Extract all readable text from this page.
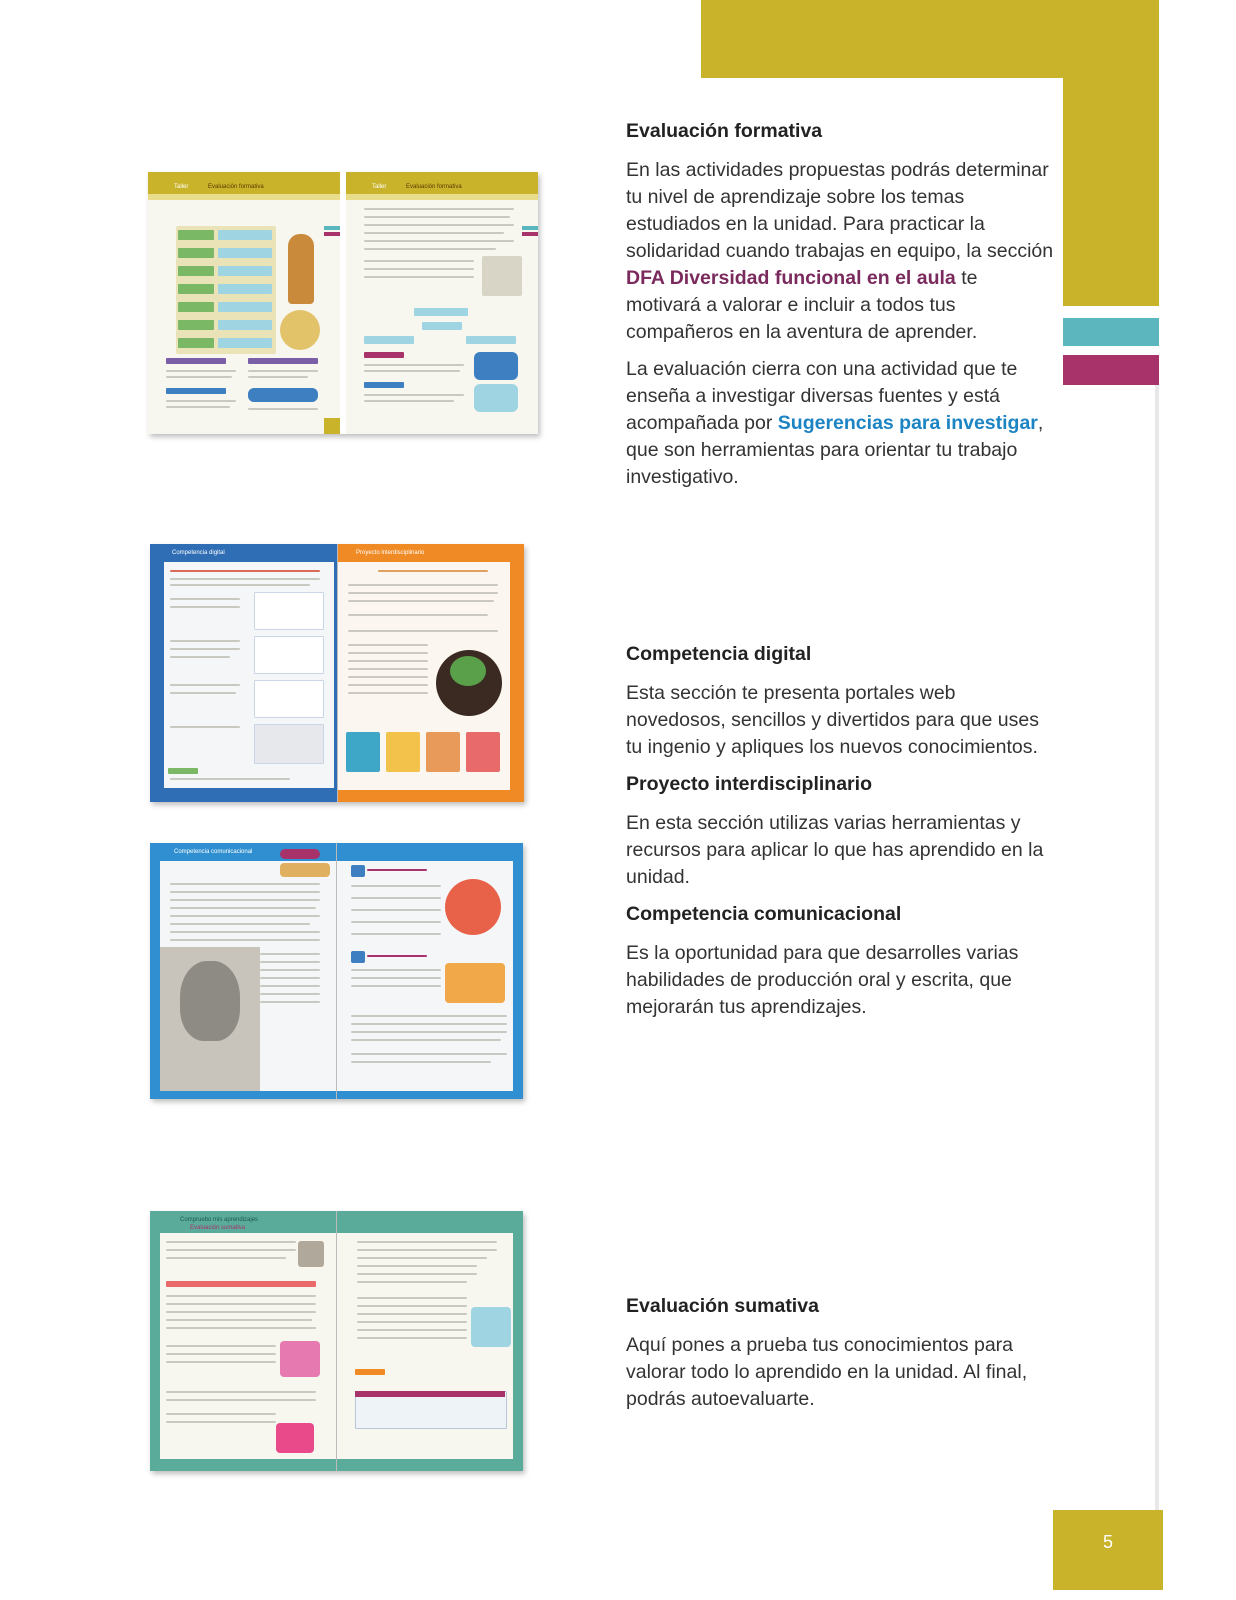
Taller	Evaluación formativa	Taller	Evaluación formativa
Competencia digital	Proyecto interdisciplinario
Competencia comunicacional
Compruebo mis aprendizajes
Evaluación sumativa
Evaluación formativa

En las actividades propuestas podrás determinar tu nivel de aprendizaje sobre los temas estudiados en la unidad. Para practicar la solidaridad cuando trabajas en equipo, la sección DFA Diversidad funcional en el aula te motivará a valorar e incluir a todos tus compañeros en la aventura de aprender.

La evaluación cierra con una actividad que te enseña a investigar diversas fuentes y está acompañada por Sugerencias para investigar, que son herramientas para orientar tu trabajo investigativo.

Competencia digital

Esta sección te presenta portales web novedosos, sencillos y divertidos para que uses tu ingenio y apliques los nuevos conocimientos.

Proyecto interdisciplinario

En esta sección utilizas varias herramientas y recursos para aplicar lo que has aprendido en la unidad.

Competencia comunicacional

Es la oportunidad para que desarrolles varias habilidades de producción oral y escrita, que mejorarán tus aprendizajes.

Evaluación sumativa

Aquí pones a prueba tus conocimientos para valorar todo lo aprendido en la unidad. Al final, podrás autoevaluarte.

5
